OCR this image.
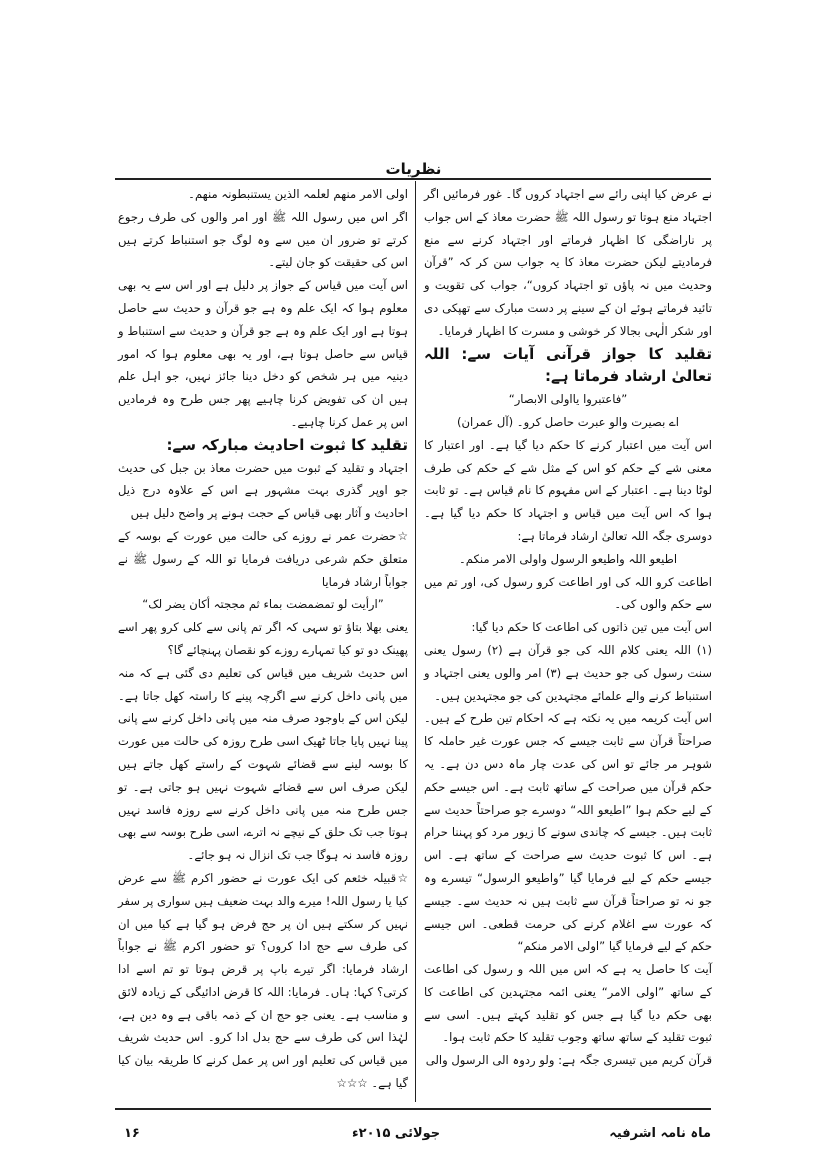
نظریات

نے عرض کیا اپنی رائے سے اجتہاد کروں گا۔ غور فرمائیں اگر اجتہاد منع ہوتا تو رسول اللہ ﷺ حضرت معاذ کے اس جواب پر ناراضگی کا اظہار فرماتے اور اجتہاد کرنے سے منع فرمادیتے لیکن حضرت معاذ کا یہ جواب سن کر کہ ”قرآن وحدیث میں نہ پاؤں تو اجتہاد کروں“، جواب کی تقویت و تائید فرماتے ہوئے ان کے سینے پر دست مبارک سے تھپکی دی اور شکر الٰہی بجالا کر خوشی و مسرت کا اظہار فرمایا۔

تقلید کا جواز قرآنی آیات سے: اللہ تعالیٰ ارشاد فرماتا ہے:

”فاعتبروا یااولی الابصار“

اے بصیرت والو عبرت حاصل کرو۔ (آل عمران)

اس آیت میں اعتبار کرنے کا حکم دیا گیا ہے۔ اور اعتبار کا معنی شے کے حکم کو اس کے مثل شے کے حکم کی طرف لوٹا دینا ہے۔ اعتبار کے اس مفہوم کا نام قیاس ہے۔ تو ثابت ہوا کہ اس آیت میں قیاس و اجتہاد کا حکم دیا گیا ہے۔ دوسری جگہ اللہ تعالیٰ ارشاد فرماتا ہے:

اطیعو اللہ واطیعو الرسول واولی الامر منکم۔

اطاعت کرو اللہ کی اور اطاعت کرو رسول کی، اور تم میں سے حکم والوں کی۔

اس آیت میں تین ذاتوں کی اطاعت کا حکم دیا گیا:

(۱) اللہ یعنی کلام اللہ کی جو قرآن ہے (۲) رسول یعنی سنت رسول کی جو حدیث ہے (۳) امر والوں یعنی اجتہاد و استنباط کرنے والے علمائے مجتہدین کی جو مجتہدین ہیں۔

اس آیت کریمہ میں یہ نکتہ ہے کہ احکام تین طرح کے ہیں۔ صراحتاً قرآن سے ثابت جیسے کہ جس عورت غیر حاملہ کا شوہر مر جائے تو اس کی عدت چار ماہ دس دن ہے۔ یہ حکم قرآن میں صراحت کے ساتھ ثابت ہے۔ اس جیسے حکم کے لیے حکم ہوا ”اطیعو اللہ“ دوسرے جو صراحتاً حدیث سے ثابت ہیں۔ جیسے کہ چاندی سونے کا زیور مرد کو پہننا حرام ہے۔ اس کا ثبوت حدیث سے صراحت کے ساتھ ہے۔ اس جیسے حکم کے لیے فرمایا گیا ”واطیعو الرسول“ تیسرے وہ جو نہ تو صراحتاً قرآن سے ثابت ہیں نہ حدیث سے۔ جیسے کہ عورت سے اغلام کرنے کی حرمت قطعی۔ اس جیسے حکم کے لیے فرمایا گیا ”اولی الامر منکم“

آیت کا حاصل یہ ہے کہ اس میں اللہ و رسول کی اطاعت کے ساتھ ”اولی الامر“ یعنی ائمہ مجتہدین کی اطاعت کا بھی حکم دیا گیا ہے جس کو تقلید کہتے ہیں۔ اسی سے ثبوت تقلید کے ساتھ ساتھ وجوب تقلید کا حکم ثابت ہوا۔

قرآن کریم میں تیسری جگہ ہے: ولو ردوہ الی الرسول والی

اولی الامر منھم لعلمہ الذین یستنبطونہ منھم۔

اگر اس میں رسول اللہ ﷺ اور امر والوں کی طرف رجوع کرتے تو ضرور ان میں سے وہ لوگ جو استنباط کرتے ہیں اس کی حقیقت کو جان لیتے۔

اس آیت میں قیاس کے جواز پر دلیل ہے اور اس سے یہ بھی معلوم ہوا کہ ایک علم وہ ہے جو قرآن و حدیث سے حاصل ہوتا ہے اور ایک علم وہ ہے جو قرآن و حدیث سے استنباط و قیاس سے حاصل ہوتا ہے، اور یہ بھی معلوم ہوا کہ امور دینیہ میں ہر شخص کو دخل دینا جائز نہیں، جو اہل علم ہیں ان کی تفویض کرنا چاہیے پھر جس طرح وہ فرمادیں اس پر عمل کرنا چاہیے۔

تقلید کا ثبوت احادیث مبارکہ سے:

اجتہاد و تقلید کے ثبوت میں حضرت معاذ بن جبل کی حدیث جو اوپر گذری بہت مشہور ہے اس کے علاوہ درج ذیل احادیث و آثار بھی قیاس کے حجت ہونے پر واضح دلیل ہیں

☆حضرت عمر نے روزے کی حالت میں عورت کے بوسہ کے متعلق حکم شرعی دریافت فرمایا تو اللہ کے رسول ﷺ نے جواباً ارشاد فرمایا

”ارأیت لو تمضمضت بماء ثم مججتہ أکان یضر لک“

یعنی بھلا بتاؤ تو سہی کہ اگر تم پانی سے کلی کرو پھر اسے پھینک دو تو کیا تمہارے روزے کو نقصان پہنچائے گا؟

اس حدیث شریف میں قیاس کی تعلیم دی گئی ہے کہ منہ میں پانی داخل کرنے سے اگرچہ پینے کا راستہ کھل جاتا ہے۔ لیکن اس کے باوجود صرف منہ میں پانی داخل کرنے سے پانی پینا نہیں پایا جاتا ٹھیک اسی طرح روزہ کی حالت میں عورت کا بوسہ لینے سے قضائے شہوت کے راستے کھل جاتے ہیں لیکن صرف اس سے قضائے شہوت نہیں ہو جاتی ہے۔ تو جس طرح منہ میں پانی داخل کرنے سے روزہ فاسد نہیں ہوتا جب تک حلق کے نیچے نہ اترے، اسی طرح بوسہ سے بھی روزہ فاسد نہ ہوگا جب تک انزال نہ ہو جائے۔

☆قبیلہ خثعم کی ایک عورت نے حضور اکرم ﷺ سے عرض کیا یا رسول اللہ! میرے والد بہت ضعیف ہیں سواری پر سفر نہیں کر سکتے ہیں ان پر حج فرض ہو گیا ہے کیا میں ان کی طرف سے حج ادا کروں؟ تو حضور اکرم ﷺ نے جواباً ارشاد فرمایا: اگر تیرے باپ پر قرض ہوتا تو تم اسے ادا کرتی؟ کہا: ہاں۔ فرمایا: اللہ کا قرض ادائیگی کے زیادہ لائق و مناسب ہے۔ یعنی جو حج ان کے ذمہ باقی ہے وہ دین ہے، لہٰذا اس کی طرف سے حج بدل ادا کرو۔ اس حدیث شریف میں قیاس کی تعلیم اور اس پر عمل کرنے کا طریقہ بیان کیا گیا ہے۔ ☆☆☆

ماہ نامہ اشرفیہ
جولائی ۲۰۱۵ء
۱۶
